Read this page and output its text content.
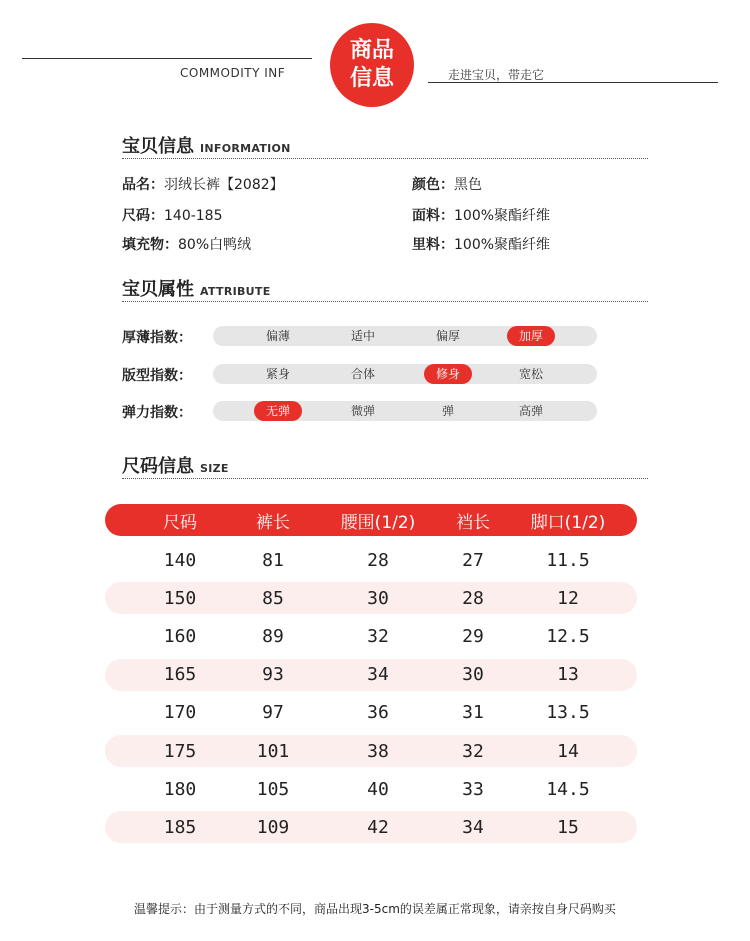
COMMODITY INF
商品
信息	走进宝贝，带走它
宝贝信息 INFORMATION
品名：羽绒长裤【2082】	颜色：黑色
尺码：140-185	面料：100%聚酯纤维
填充物：80%白鸭绒	里料：100%聚酯纤维
宝贝属性 ATTRIBUTE
厚薄指数：	偏薄	适中	偏厚	加厚
版型指数：	紧身	合体	修身	宽松
弹力指数：	无弹	微弹	弹	高弹
尺码信息 SIZE
尺码	裤长	腰围(1/2)	裆长	脚口(1/2)
140	81	28	27	11.5
150	85	30	28	12
160	89	32	29	12.5
165	93	34	30	13
170	97	36	31	13.5
175	101	38	32	14
180	105	40	33	14.5
185	109	42	34	15
温馨提示：由于测量方式的不同，商品出现3-5cm的误差属正常现象，请亲按自身尺码购买
